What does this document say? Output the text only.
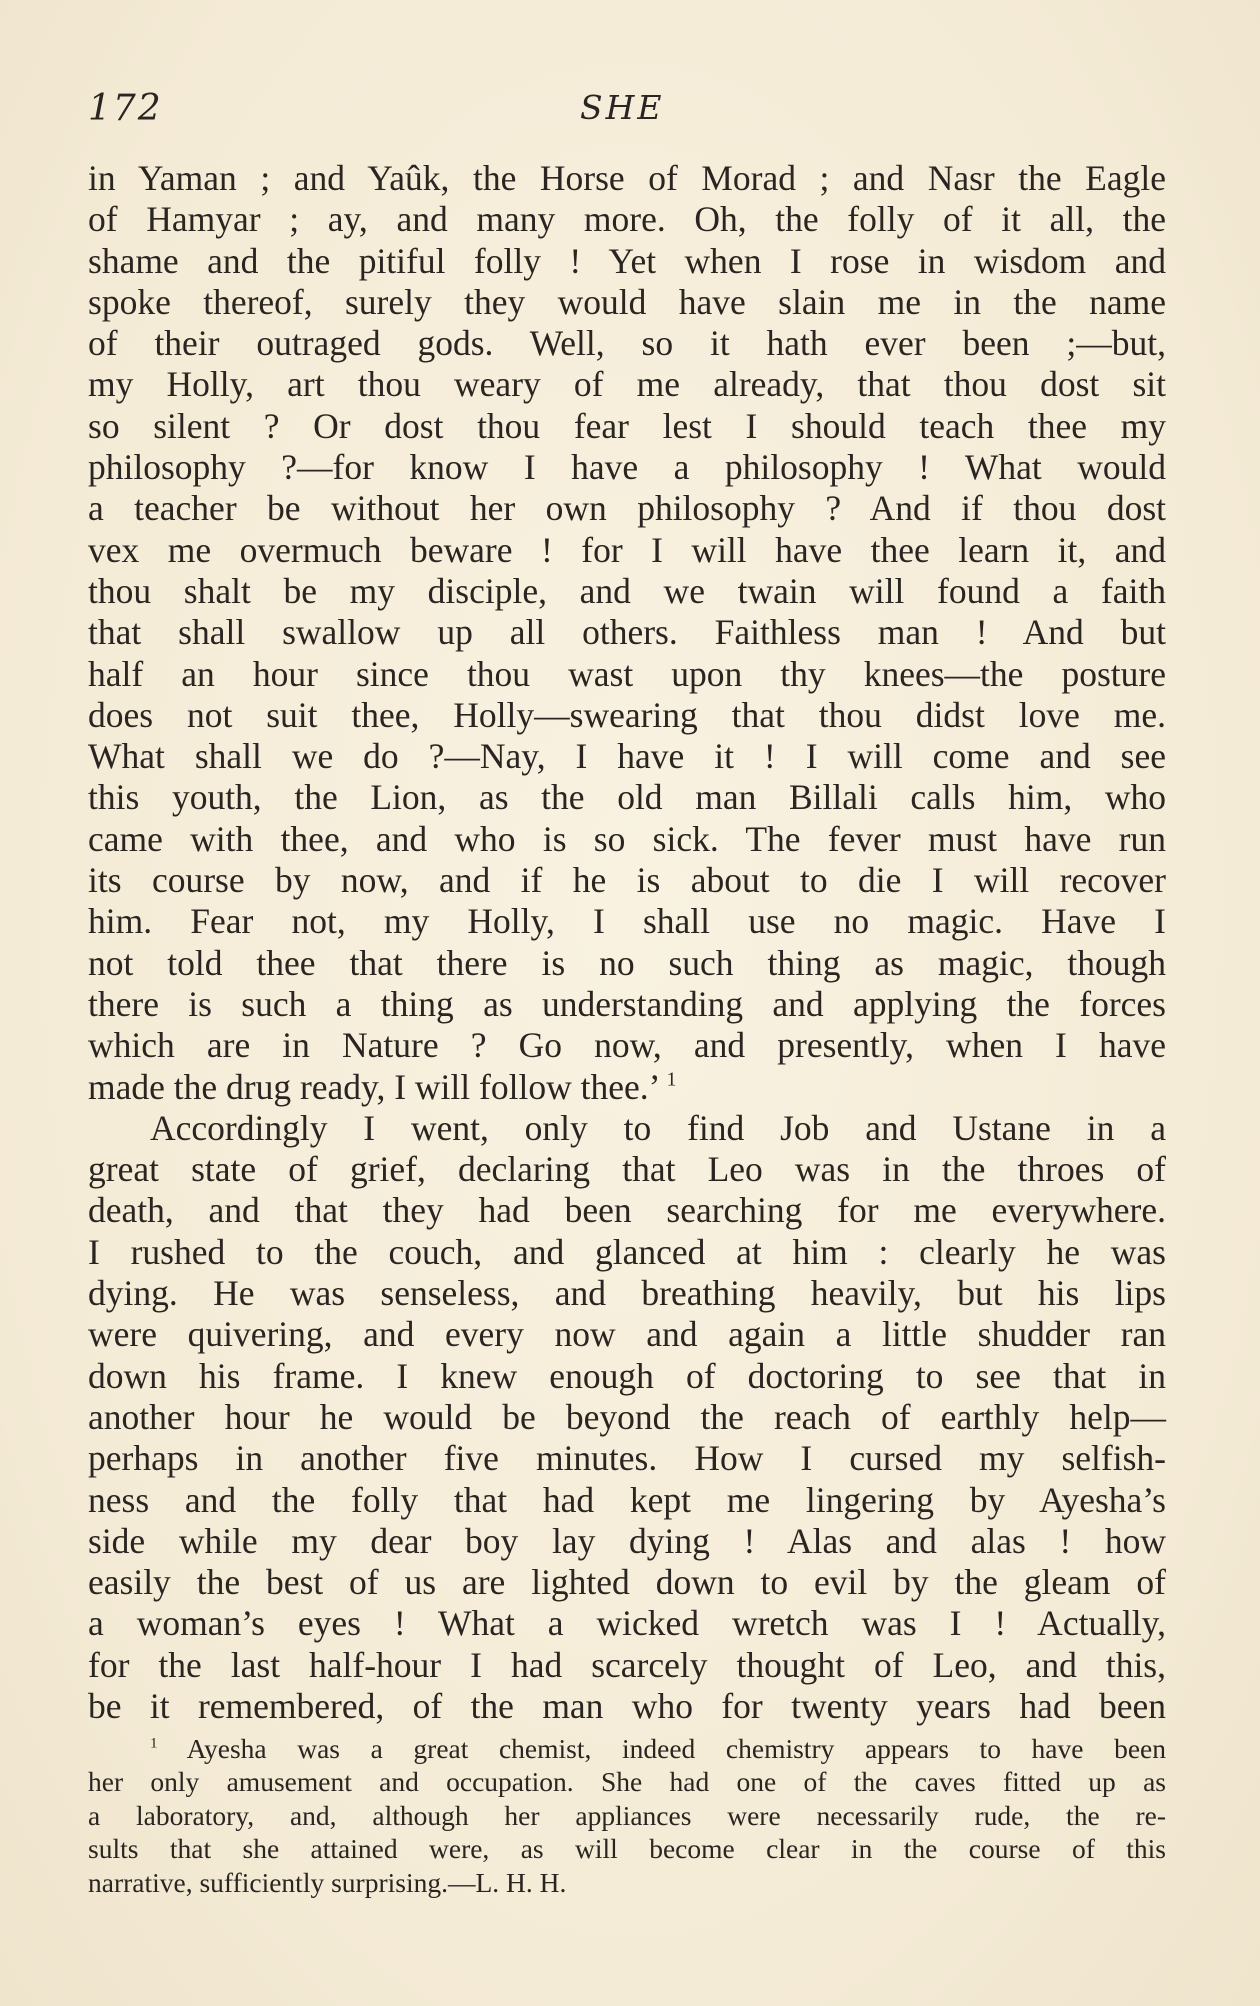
172	SHE
in Yaman ; and Yaûk, the Horse of Morad ; and Nasr the Eagle
of Hamyar ; ay, and many more. Oh, the folly of it all, the
shame and the pitiful folly ! Yet when I rose in wisdom and
spoke thereof, surely they would have slain me in the name
of their outraged gods. Well, so it hath ever been ;—but,
my Holly, art thou weary of me already, that thou dost sit
so silent ? Or dost thou fear lest I should teach thee my
philosophy ?—for know I have a philosophy ! What would
a teacher be without her own philosophy ? And if thou dost
vex me overmuch beware ! for I will have thee learn it, and
thou shalt be my disciple, and we twain will found a faith
that shall swallow up all others. Faithless man ! And but
half an hour since thou wast upon thy knees—the posture
does not suit thee, Holly—swearing that thou didst love me.
What shall we do ?—Nay, I have it ! I will come and see
this youth, the Lion, as the old man Billali calls him, who
came with thee, and who is so sick. The fever must have run
its course by now, and if he is about to die I will recover
him. Fear not, my Holly, I shall use no magic. Have I
not told thee that there is no such thing as magic, though
there is such a thing as understanding and applying the forces
which are in Nature ? Go now, and presently, when I have
made the drug ready, I will follow thee.’ $^1$
Accordingly I went, only to find Job and Ustane in a
great state of grief, declaring that Leo was in the throes of
death, and that they had been searching for me everywhere.
I rushed to the couch, and glanced at him : clearly he was
dying. He was senseless, and breathing heavily, but his lips
were quivering, and every now and again a little shudder ran
down his frame. I knew enough of doctoring to see that in
another hour he would be beyond the reach of earthly help—
perhaps in another five minutes. How I cursed my selfish-
ness and the folly that had kept me lingering by Ayesha’s
side while my dear boy lay dying ! Alas and alas ! how
easily the best of us are lighted down to evil by the gleam of
a woman’s eyes ! What a wicked wretch was I ! Actually,
for the last half-hour I had scarcely thought of Leo, and this,
be it remembered, of the man who for twenty years had been
$^1$ Ayesha was a great chemist, indeed chemistry appears to have been
her only amusement and occupation. She had one of the caves fitted up as
a laboratory, and, although her appliances were necessarily rude, the re-
sults that she attained were, as will become clear in the course of this
narrative, sufficiently surprising.—L. H. H.
